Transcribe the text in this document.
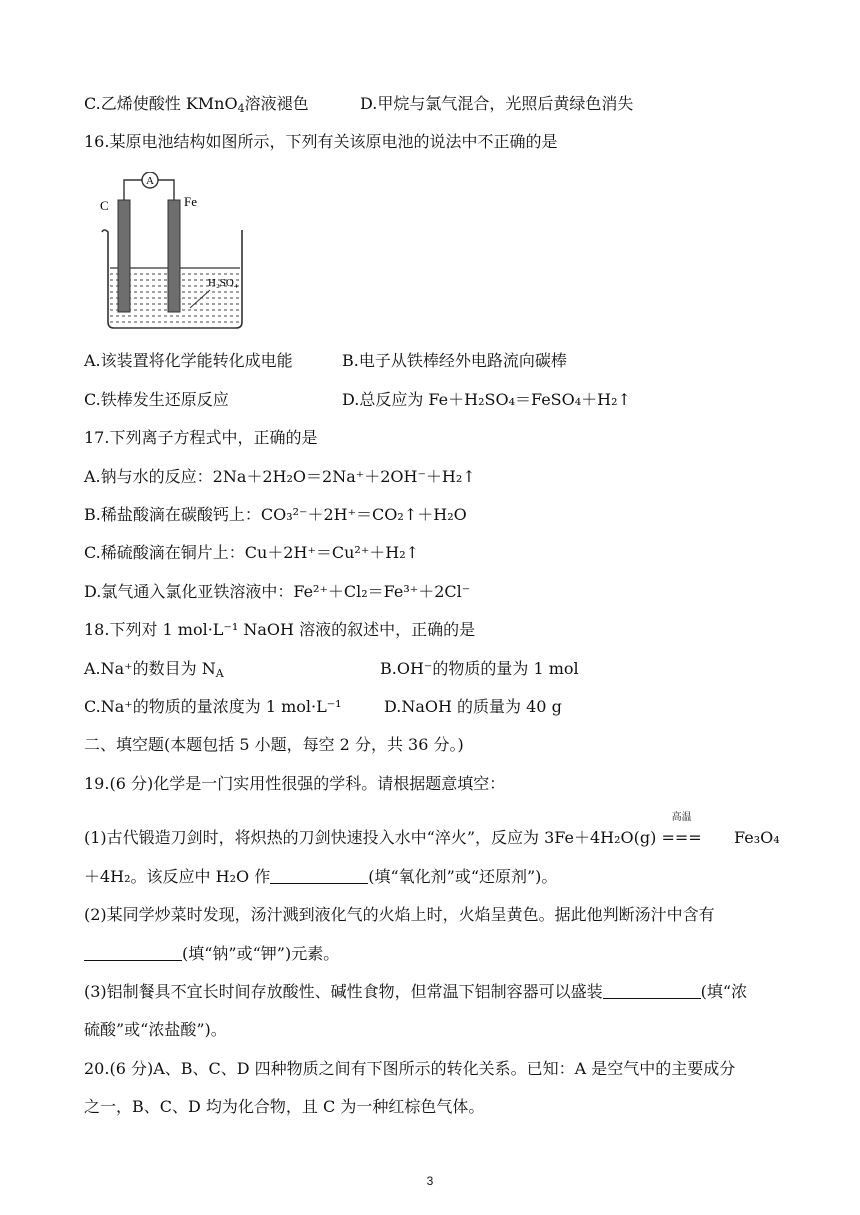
C.乙烯使酸性 KMnO$_4$溶液褪色	D.甲烷与氯气混合，光照后黄绿色消失
16.某原电池结构如图所示，下列有关该原电池的说法中不正确的是
A
C	Fe
H₂SO₄
A.该装置将化学能转化成电能	B.电子从铁棒经外电路流向碳棒
C.铁棒发生还原反应	D.总反应为 Fe＋H₂SO₄＝FeSO₄＋H₂↑
17.下列离子方程式中，正确的是
A.钠与水的反应：2Na＋2H₂O＝2Na⁺＋2OH⁻＋H₂↑
B.稀盐酸滴在碳酸钙上：CO₃²⁻＋2H⁺＝CO₂↑＋H₂O
C.稀硫酸滴在铜片上：Cu＋2H⁺＝Cu²⁺＋H₂↑
D.氯气通入氯化亚铁溶液中：Fe²⁺＋Cl₂＝Fe³⁺＋2Cl⁻
18.下列对 1 mol·L⁻¹ NaOH 溶液的叙述中，正确的是
A.Na⁺的数目为 $N_A$	B.OH⁻的物质的量为 1 mol
C.Na⁺的物质的量浓度为 1 mol·L⁻¹	D.NaOH 的质量为 40 g
二、填空题(本题包括 5 小题，每空 2 分，共 36 分。)
19.(6 分)化学是一门实用性很强的学科。请根据题意填空：
(1)古代锻造刀剑时，将炽热的刀剑快速投入水中“淬火”，反应为 3Fe＋4H₂O(g)
高温
=== Fe₃O₄
＋4H₂。该反应中 H₂O 作	(填“氧化剂”或“还原剂”)。
(2)某同学炒菜时发现，汤汁溅到液化气的火焰上时，火焰呈黄色。据此他判断汤汁中含有
(填“钠”或“钾”)元素。
(3)铝制餐具不宜长时间存放酸性、碱性食物，但常温下铝制容器可以盛装	(填“浓
硫酸”或“浓盐酸”)。
20.(6 分)A、B、C、D 四种物质之间有下图所示的转化关系。已知：A 是空气中的主要成分
之一，B、C、D 均为化合物，且 C 为一种红棕色气体。
3
